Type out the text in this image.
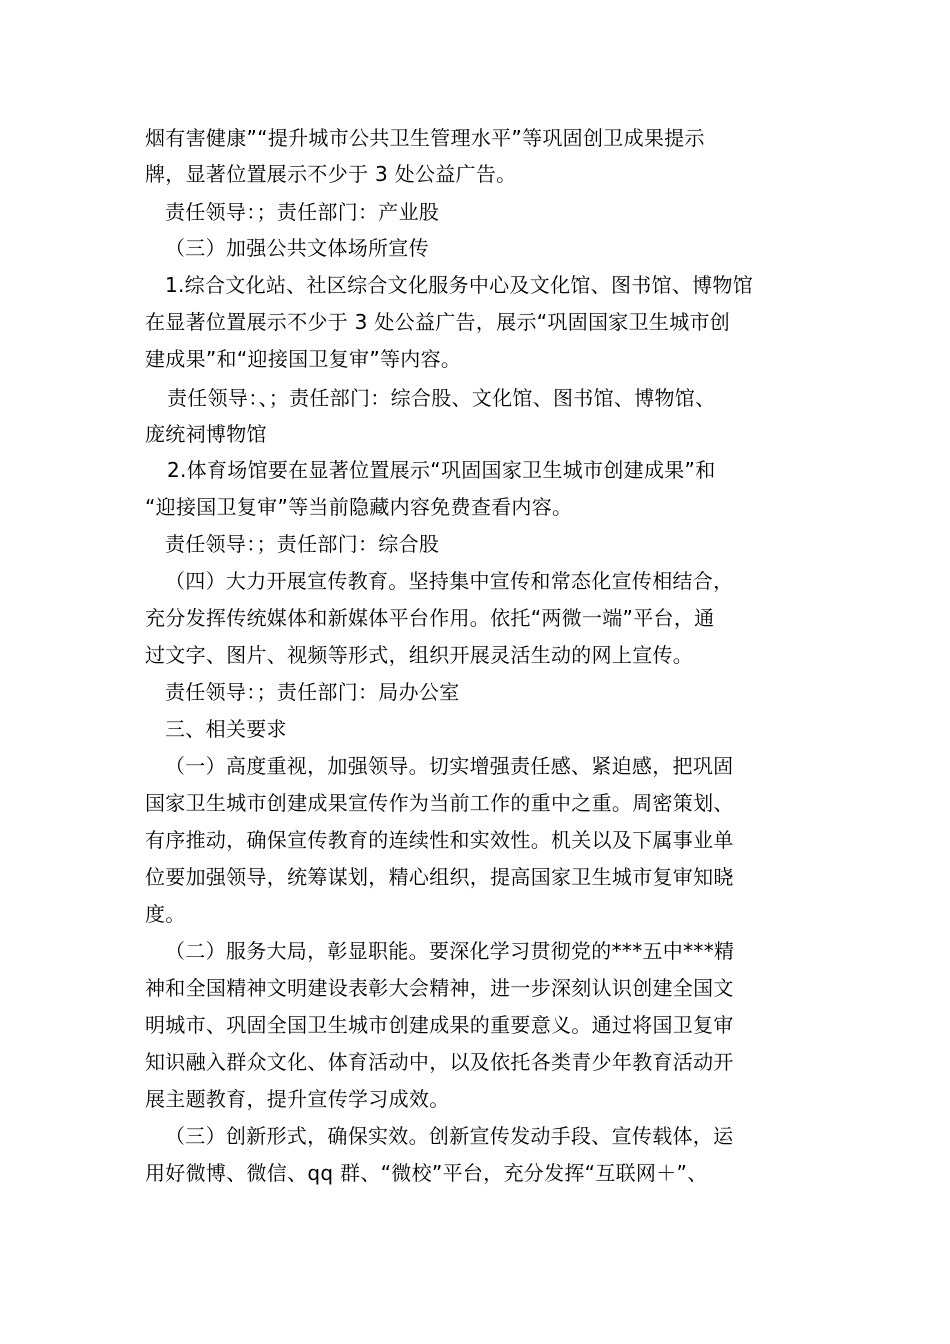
烟有害健康”“提升城市公共卫生管理水平”等巩固创卫成果提示
牌，显著位置展示不少于 3 处公益广告。
责任领导：；责任部门：产业股
（三）加强公共文体场所宣传
1.综合文化站、社区综合文化服务中心及文化馆、图书馆、博物馆
在显著位置展示不少于 3 处公益广告，展示“巩固国家卫生城市创
建成果”和“迎接国卫复审”等内容。
责任领导：、；责任部门：综合股、文化馆、图书馆、博物馆、
庞统祠博物馆
2.体育场馆要在显著位置展示“巩固国家卫生城市创建成果”和
“迎接国卫复审”等当前隐藏内容免费查看内容。
责任领导：；责任部门：综合股
（四）大力开展宣传教育。坚持集中宣传和常态化宣传相结合，
充分发挥传统媒体和新媒体平台作用。依托“两微一端”平台，通
过文字、图片、视频等形式，组织开展灵活生动的网上宣传。
责任领导：；责任部门：局办公室
三、相关要求
（一）高度重视，加强领导。切实增强责任感、紧迫感，把巩固
国家卫生城市创建成果宣传作为当前工作的重中之重。周密策划、
有序推动，确保宣传教育的连续性和实效性。机关以及下属事业单
位要加强领导，统筹谋划，精心组织，提高国家卫生城市复审知晓
度。
（二）服务大局，彰显职能。要深化学习贯彻党的***五中***精
神和全国精神文明建设表彰大会精神，进一步深刻认识创建全国文
明城市、巩固全国卫生城市创建成果的重要意义。通过将国卫复审
知识融入群众文化、体育活动中，以及依托各类青少年教育活动开
展主题教育，提升宣传学习成效。
（三）创新形式，确保实效。创新宣传发动手段、宣传载体，运
用好微博、微信、qq 群、“微校”平台，充分发挥“互联网＋”、
